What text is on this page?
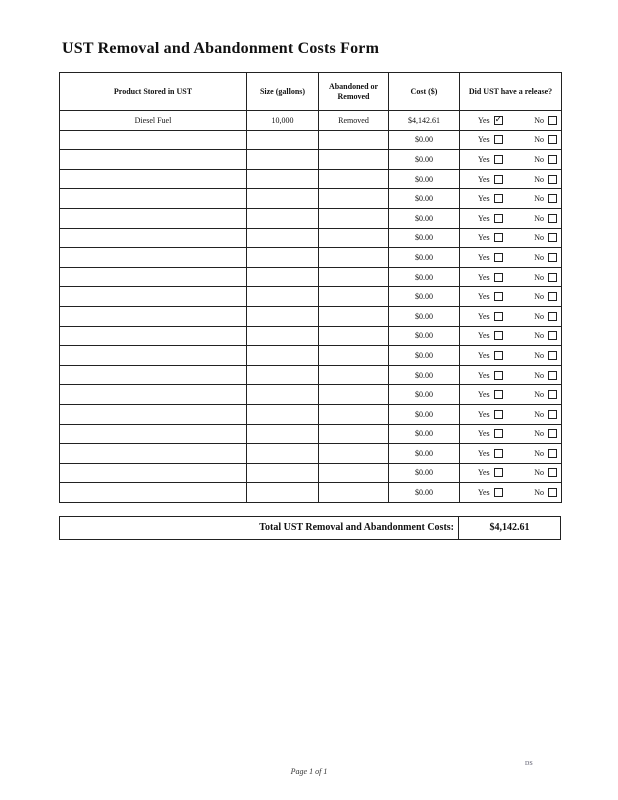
UST Removal and Abandonment Costs Form
Product Stored in UST	Size (gallons)	Abandoned or Removed	Cost ($)	Did UST have a release?
Diesel Fuel	10,000	Removed	$4,142.61	Yes ✓ No

			$0.00	Yes No

			$0.00	Yes No

			$0.00	Yes No

			$0.00	Yes No

			$0.00	Yes No

			$0.00	Yes No

			$0.00	Yes No

			$0.00	Yes No

			$0.00	Yes No

			$0.00	Yes No

			$0.00	Yes No

			$0.00	Yes No

			$0.00	Yes No

			$0.00	Yes No

			$0.00	Yes No

			$0.00	Yes No

			$0.00	Yes No

			$0.00	Yes No

			$0.00	Yes No
Total UST Removal and Abandonment Costs:	$4,142.61
Page 1 of 1
DS
